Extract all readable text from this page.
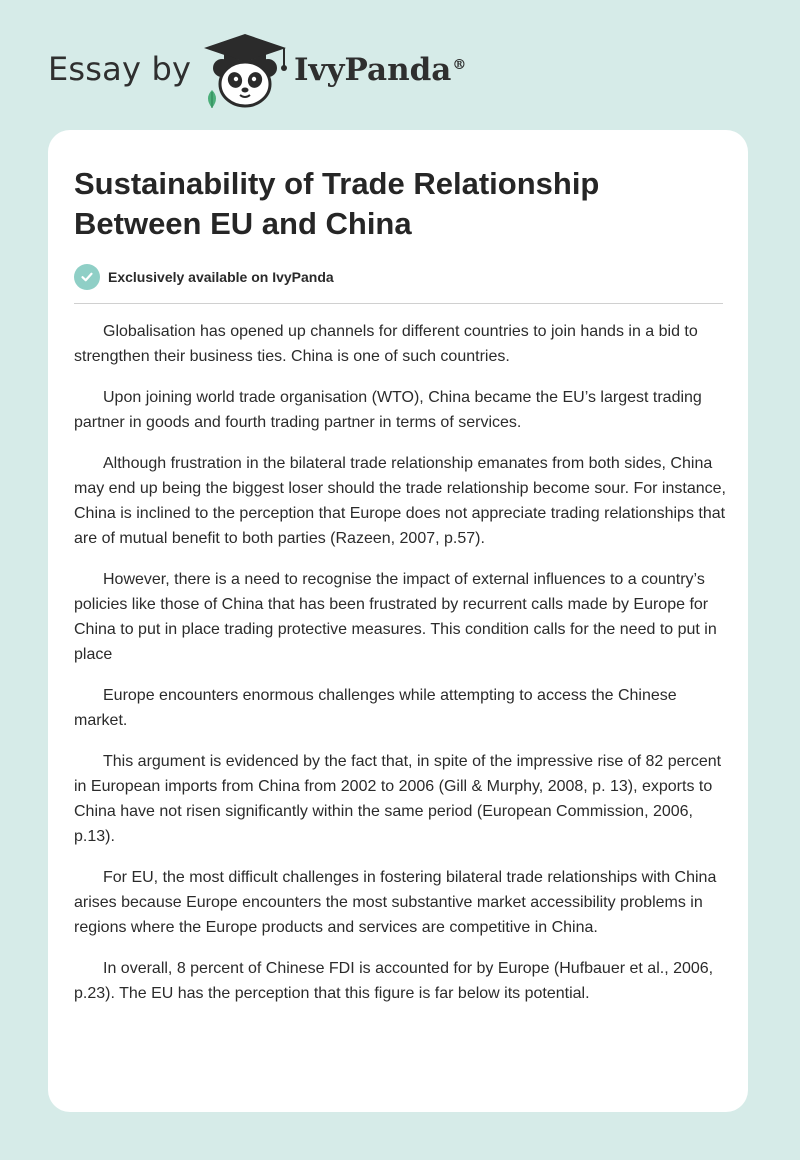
Essay by	IvyPanda®
Sustainability of Trade Relationship Between EU and China
Exclusively available on IvyPanda

Globalisation has opened up channels for different countries to join hands in a bid to strengthen their business ties. China is one of such countries.

Upon joining world trade organisation (WTO), China became the EU’s largest trading partner in goods and fourth trading partner in terms of services.

Although frustration in the bilateral trade relationship emanates from both sides, China may end up being the biggest loser should the trade relationship become sour. For instance, China is inclined to the perception that Europe does not appreciate trading relationships that are of mutual benefit to both parties (Razeen, 2007, p.57).

However, there is a need to recognise the impact of external influences to a country’s policies like those of China that has been frustrated by recurrent calls made by Europe for China to put in place trading protective measures. This condition calls for the need to put in place

Europe encounters enormous challenges while attempting to access the Chinese market.

This argument is evidenced by the fact that, in spite of the impressive rise of 82 percent in European imports from China from 2002 to 2006 (Gill & Murphy, 2008, p. 13), exports to China have not risen significantly within the same period (European Commission, 2006, p.13).

For EU, the most difficult challenges in fostering bilateral trade relationships with China arises because Europe encounters the most substantive market accessibility problems in regions where the Europe products and services are competitive in China.

In overall, 8 percent of Chinese FDI is accounted for by Europe (Hufbauer et al., 2006, p.23). The EU has the perception that this figure is far below its potential.
